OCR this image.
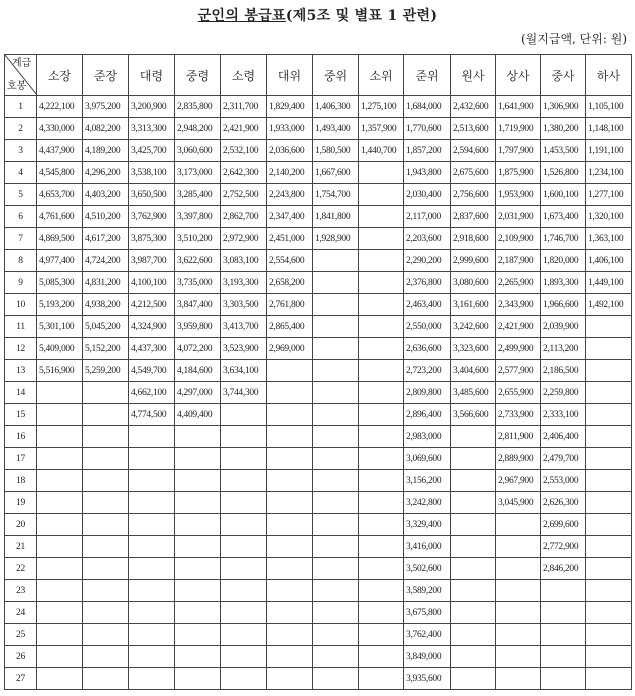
군인의 봉급표(제5조 및 별표 1 관련)
(월지급액, 단위: 원)
계급
호봉	소장	준장	대령	중령	소령	대위	중위	소위	준위	원사	상사	중사	하사
1	4,222,100	3,975,200	3,200,900	2,835,800	2,311,700	1,829,400	1,406,300	1,275,100	1,684,000	2,432,600	1,641,900	1,306,900	1,105,100
2	4,330,000	4,082,200	3,313,300	2,948,200	2,421,900	1,933,000	1,493,400	1,357,900	1,770,600	2,513,600	1,719,900	1,380,200	1,148,100
3	4,437,900	4,189,200	3,425,700	3,060,600	2,532,100	2,036,600	1,580,500	1,440,700	1,857,200	2,594,600	1,797,900	1,453,500	1,191,100
4	4,545,800	4,296,200	3,538,100	3,173,000	2,642,300	2,140,200	1,667,600		1,943,800	2,675,600	1,875,900	1,526,800	1,234,100
5	4,653,700	4,403,200	3,650,500	3,285,400	2,752,500	2,243,800	1,754,700		2,030,400	2,756,600	1,953,900	1,600,100	1,277,100
6	4,761,600	4,510,200	3,762,900	3,397,800	2,862,700	2,347,400	1,841,800		2,117,000	2,837,600	2,031,900	1,673,400	1,320,100
7	4,869,500	4,617,200	3,875,300	3,510,200	2,972,900	2,451,000	1,928,900		2,203,600	2,918,600	2,109,900	1,746,700	1,363,100
8	4,977,400	4,724,200	3,987,700	3,622,600	3,083,100	2,554,600			2,290,200	2,999,600	2,187,900	1,820,000	1,406,100
9	5,085,300	4,831,200	4,100,100	3,735,000	3,193,300	2,658,200			2,376,800	3,080,600	2,265,900	1,893,300	1,449,100
10	5,193,200	4,938,200	4,212,500	3,847,400	3,303,500	2,761,800			2,463,400	3,161,600	2,343,900	1,966,600	1,492,100
11	5,301,100	5,045,200	4,324,900	3,959,800	3,413,700	2,865,400			2,550,000	3,242,600	2,421,900	2,039,900	
12	5,409,000	5,152,200	4,437,300	4,072,200	3,523,900	2,969,000			2,636,600	3,323,600	2,499,900	2,113,200	
13	5,516,900	5,259,200	4,549,700	4,184,600	3,634,100				2,723,200	3,404,600	2,577,900	2,186,500	
14			4,662,100	4,297,000	3,744,300				2,809,800	3,485,600	2,655,900	2,259,800	
15			4,774,500	4,409,400					2,896,400	3,566,600	2,733,900	2,333,100	
16									2,983,000		2,811,900	2,406,400	
17									3,069,600		2,889,900	2,479,700	
18									3,156,200		2,967,900	2,553,000	
19									3,242,800		3,045,900	2,626,300	
20									3,329,400			2,699,600	
21									3,416,000			2,772,900	
22									3,502,600			2,846,200	
23									3,589,200				
24									3,675,800				
25									3,762,400				
26									3,849,000				
27									3,935,600				
